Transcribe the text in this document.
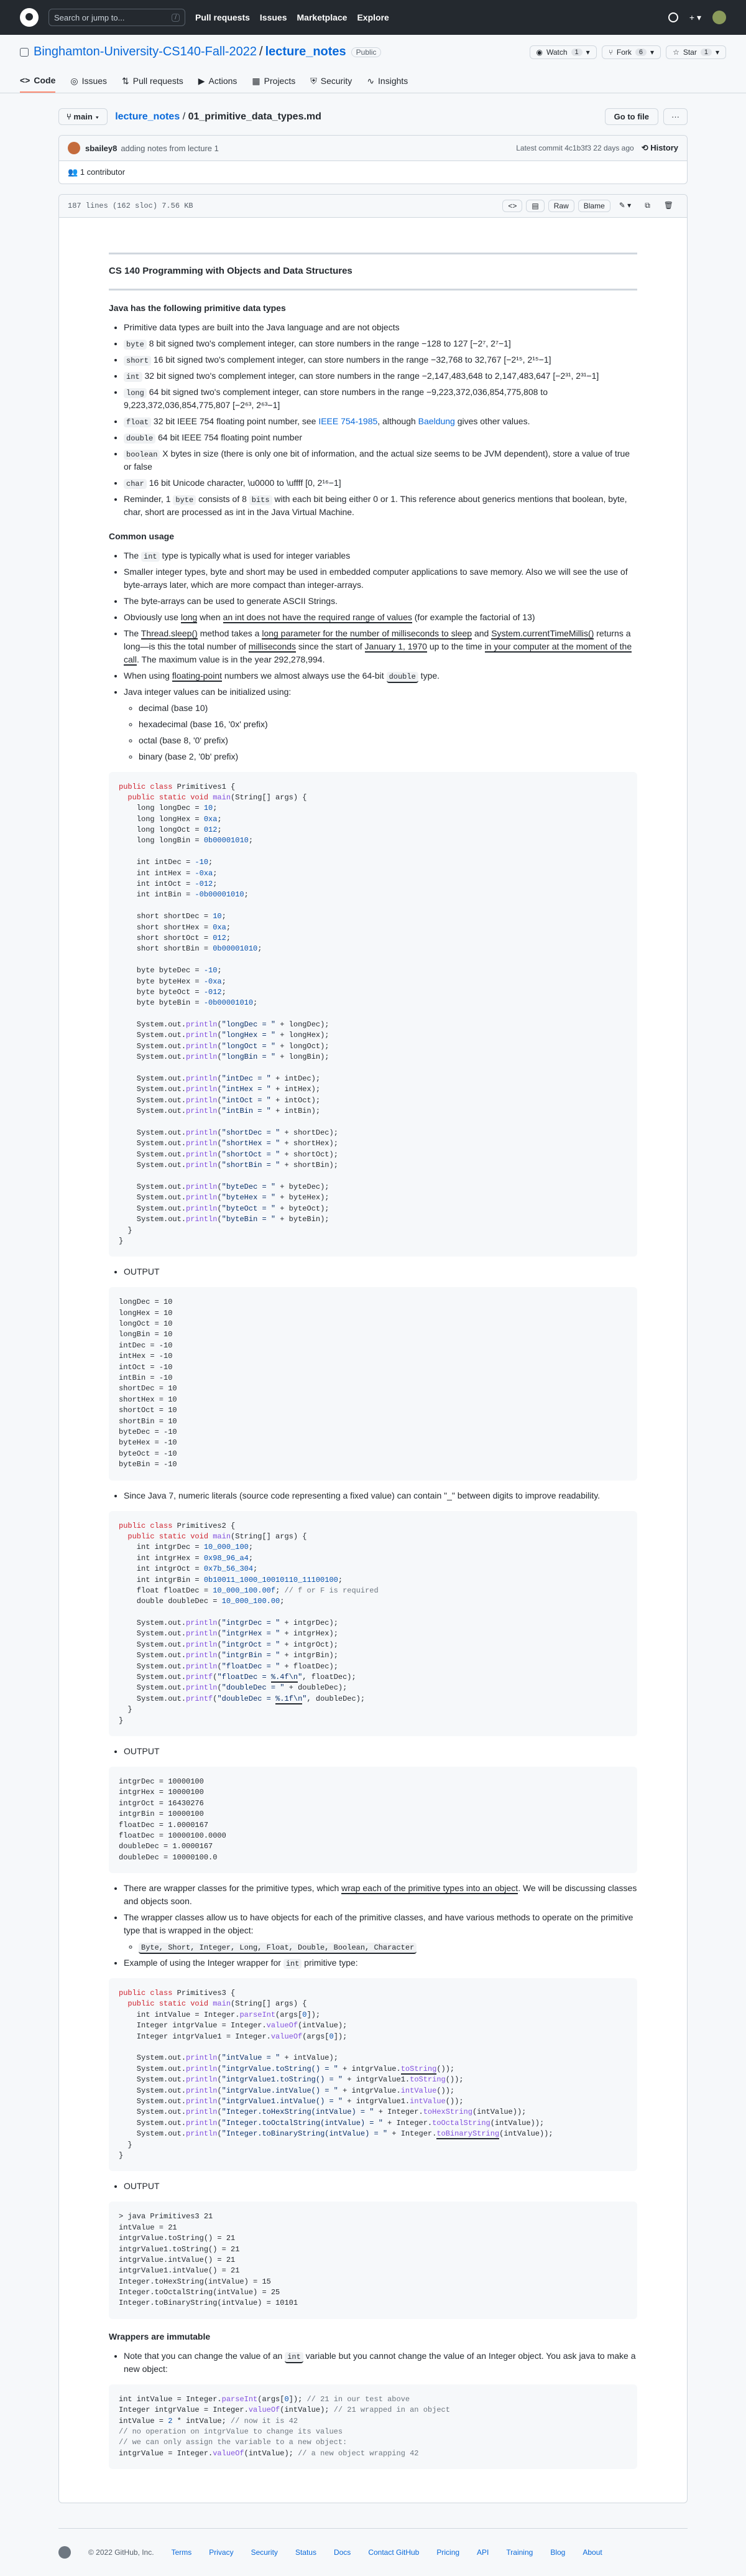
Search or jump to...	/	Pull requests Issues Marketplace Explore	+ ▾
Binghamton-University-CS140-Fall-2022 / lecture_notes	Public	◉ Watch	1	▾	⑂ Fork	6	▾	☆ Star	1	▾
<> Code ◎ Issues ⇅ Pull requests ▶ Actions ▦ Projects ⛨ Security ∿ Insights
⑂ main ▾	lecture_notes / 01_primitive_data_types.md	Go to file	···
sbailey8 adding notes from lecture 1	Latest commit 4c1b3f3 22 days ago ⟲ History
👥 1 contributor
187 lines (162 sloc) 7.56 KB	<>	▤	Raw	Blame	✎ ▾	⧉	🗑
CS 140 Programming with Objects and Data Structures
Java has the following primitive data types
• Primitive data types are built into the Java language and are not objects
• byte 8 bit signed two's complement integer, can store numbers in the range −128 to 127 [−2⁷, 2⁷−1]
• short 16 bit signed two's complement integer, can store numbers in the range −32,768 to 32,767 [−2¹⁵, 2¹⁵−1]
• int 32 bit signed two's complement integer, can store numbers in the range −2,147,483,648 to 2,147,483,647 [−2³¹, 2³¹−1]
• long 64 bit signed two's complement integer, can store numbers in the range −9,223,372,036,854,775,808 to 9,223,372,036,854,775,807 [−2⁶³, 2⁶³−1]
• float 32 bit IEEE 754 floating point number, see IEEE 754-1985, although Baeldung gives other values.
• double 64 bit IEEE 754 floating point number
• boolean X bytes in size (there is only one bit of information, and the actual size seems to be JVM dependent), store a value of true or false
• char 16 bit Unicode character, \u0000 to \uffff [0, 2¹⁶−1]
• Reminder, 1 byte consists of 8 bits with each bit being either 0 or 1. This reference about generics mentions that boolean, byte, char, short are processed as int in the Java Virtual Machine.
Common usage
• The int type is typically what is used for integer variables
• Smaller integer types, byte and short may be used in embedded computer applications to save memory. Also we will see the use of byte-arrays later, which are more compact than integer-arrays.
• The byte-arrays can be used to generate ASCII Strings.
• Obviously use long when an int does not have the required range of values (for example the factorial of 13)
• The Thread.sleep() method takes a long parameter for the number of milliseconds to sleep and System.currentTimeMillis() returns a long—is this the total number of milliseconds since the start of January 1, 1970 up to the time in your computer at the moment of the call. The maximum value is in the year 292,278,994.
• When using floating-point numbers we almost always use the 64-bit double type.
• Java integer values can be initialized using:
◦ decimal (base 10)
◦ hexadecimal (base 16, '0x' prefix)
◦ octal (base 8, '0' prefix)
◦ binary (base 2, '0b' prefix)
public class Primitives1 {
public static void main(String[] args) {
long longDec = 10;
long longHex = 0xa;
long longOct = 012;
long longBin = 0b00001010;

int intDec = -10;
int intHex = -0xa;
int intOct = -012;
int intBin = -0b00001010;

short shortDec = 10;
short shortHex = 0xa;
short shortOct = 012;
short shortBin = 0b00001010;

byte byteDec = -10;
byte byteHex = -0xa;
byte byteOct = -012;
byte byteBin = -0b00001010;

System.out.println("longDec = " + longDec);
System.out.println("longHex = " + longHex);
System.out.println("longOct = " + longOct);
System.out.println("longBin = " + longBin);

System.out.println("intDec = " + intDec);
System.out.println("intHex = " + intHex);
System.out.println("intOct = " + intOct);
System.out.println("intBin = " + intBin);

System.out.println("shortDec = " + shortDec);
System.out.println("shortHex = " + shortHex);
System.out.println("shortOct = " + shortOct);
System.out.println("shortBin = " + shortBin);

System.out.println("byteDec = " + byteDec);
System.out.println("byteHex = " + byteHex);
System.out.println("byteOct = " + byteOct);
System.out.println("byteBin = " + byteBin);
}
}
• OUTPUT
longDec = 10
longHex = 10
longOct = 10
longBin = 10
intDec = -10
intHex = -10
intOct = -10
intBin = -10
shortDec = 10
shortHex = 10
shortOct = 10
shortBin = 10
byteDec = -10
byteHex = -10
byteOct = -10
byteBin = -10
• Since Java 7, numeric literals (source code representing a fixed value) can contain "_" between digits to improve readability.
public class Primitives2 {
public static void main(String[] args) {
int intgrDec = 10_000_100;
int intgrHex = 0x98_96_a4;
int intgrOct = 0x7b_56_304;
int intgrBin = 0b10011_1000_10010110_11100100;
float floatDec = 10_000_100.00f; // f or F is required
double doubleDec = 10_000_100.00;

System.out.println("intgrDec = " + intgrDec);
System.out.println("intgrHex = " + intgrHex);
System.out.println("intgrOct = " + intgrOct);
System.out.println("intgrBin = " + intgrBin);
System.out.println("floatDec = " + floatDec);
System.out.printf("floatDec = %.4f\n", floatDec);
System.out.println("doubleDec = " + doubleDec);
System.out.printf("doubleDec = %.1f\n", doubleDec);
}
}
• OUTPUT
intgrDec = 10000100
intgrHex = 10000100
intgrOct = 16430276
intgrBin = 10000100
floatDec = 1.0000167
floatDec = 10000100.0000
doubleDec = 1.0000167
doubleDec = 10000100.0
• There are wrapper classes for the primitive types, which wrap each of the primitive types into an object. We will be discussing classes and objects soon.
• The wrapper classes allow us to have objects for each of the primitive classes, and have various methods to operate on the primitive type that is wrapped in the object:
◦ Byte, Short, Integer, Long, Float, Double, Boolean, Character
• Example of using the Integer wrapper for int primitive type:
public class Primitives3 {
public static void main(String[] args) {
int intValue = Integer.parseInt(args[0]);
Integer intgrValue = Integer.valueOf(intValue);
Integer intgrValue1 = Integer.valueOf(args[0]);

System.out.println("intValue = " + intValue);
System.out.println("intgrValue.toString() = " + intgrValue.toString());
System.out.println("intgrValue1.toString() = " + intgrValue1.toString());
System.out.println("intgrValue.intValue() = " + intgrValue.intValue());
System.out.println("intgrValue1.intValue() = " + intgrValue1.intValue());
System.out.println("Integer.toHexString(intValue) = " + Integer.toHexString(intValue));
System.out.println("Integer.toOctalString(intValue) = " + Integer.toOctalString(intValue));
System.out.println("Integer.toBinaryString(intValue) = " + Integer.toBinaryString(intValue));
}
}
• OUTPUT
> java Primitives3 21
intValue = 21
intgrValue.toString() = 21
intgrValue1.toString() = 21
intgrValue.intValue() = 21
intgrValue1.intValue() = 21
Integer.toHexString(intValue) = 15
Integer.toOctalString(intValue) = 25
Integer.toBinaryString(intValue) = 10101
Wrappers are immutable
• Note that you can change the value of an int variable but you cannot change the value of an Integer object. You ask java to make a new object:
int intValue = Integer.parseInt(args[0]); // 21 in our test above
Integer intgrValue = Integer.valueOf(intValue); // 21 wrapped in an object
intValue = 2 * intValue; // now it is 42
// no operation on intgrValue to change its values
// we can only assign the variable to a new object:
intgrValue = Integer.valueOf(intValue); // a new object wrapping 42
© 2022 GitHub, Inc. Terms Privacy Security Status Docs Contact GitHub Pricing API Training Blog About
